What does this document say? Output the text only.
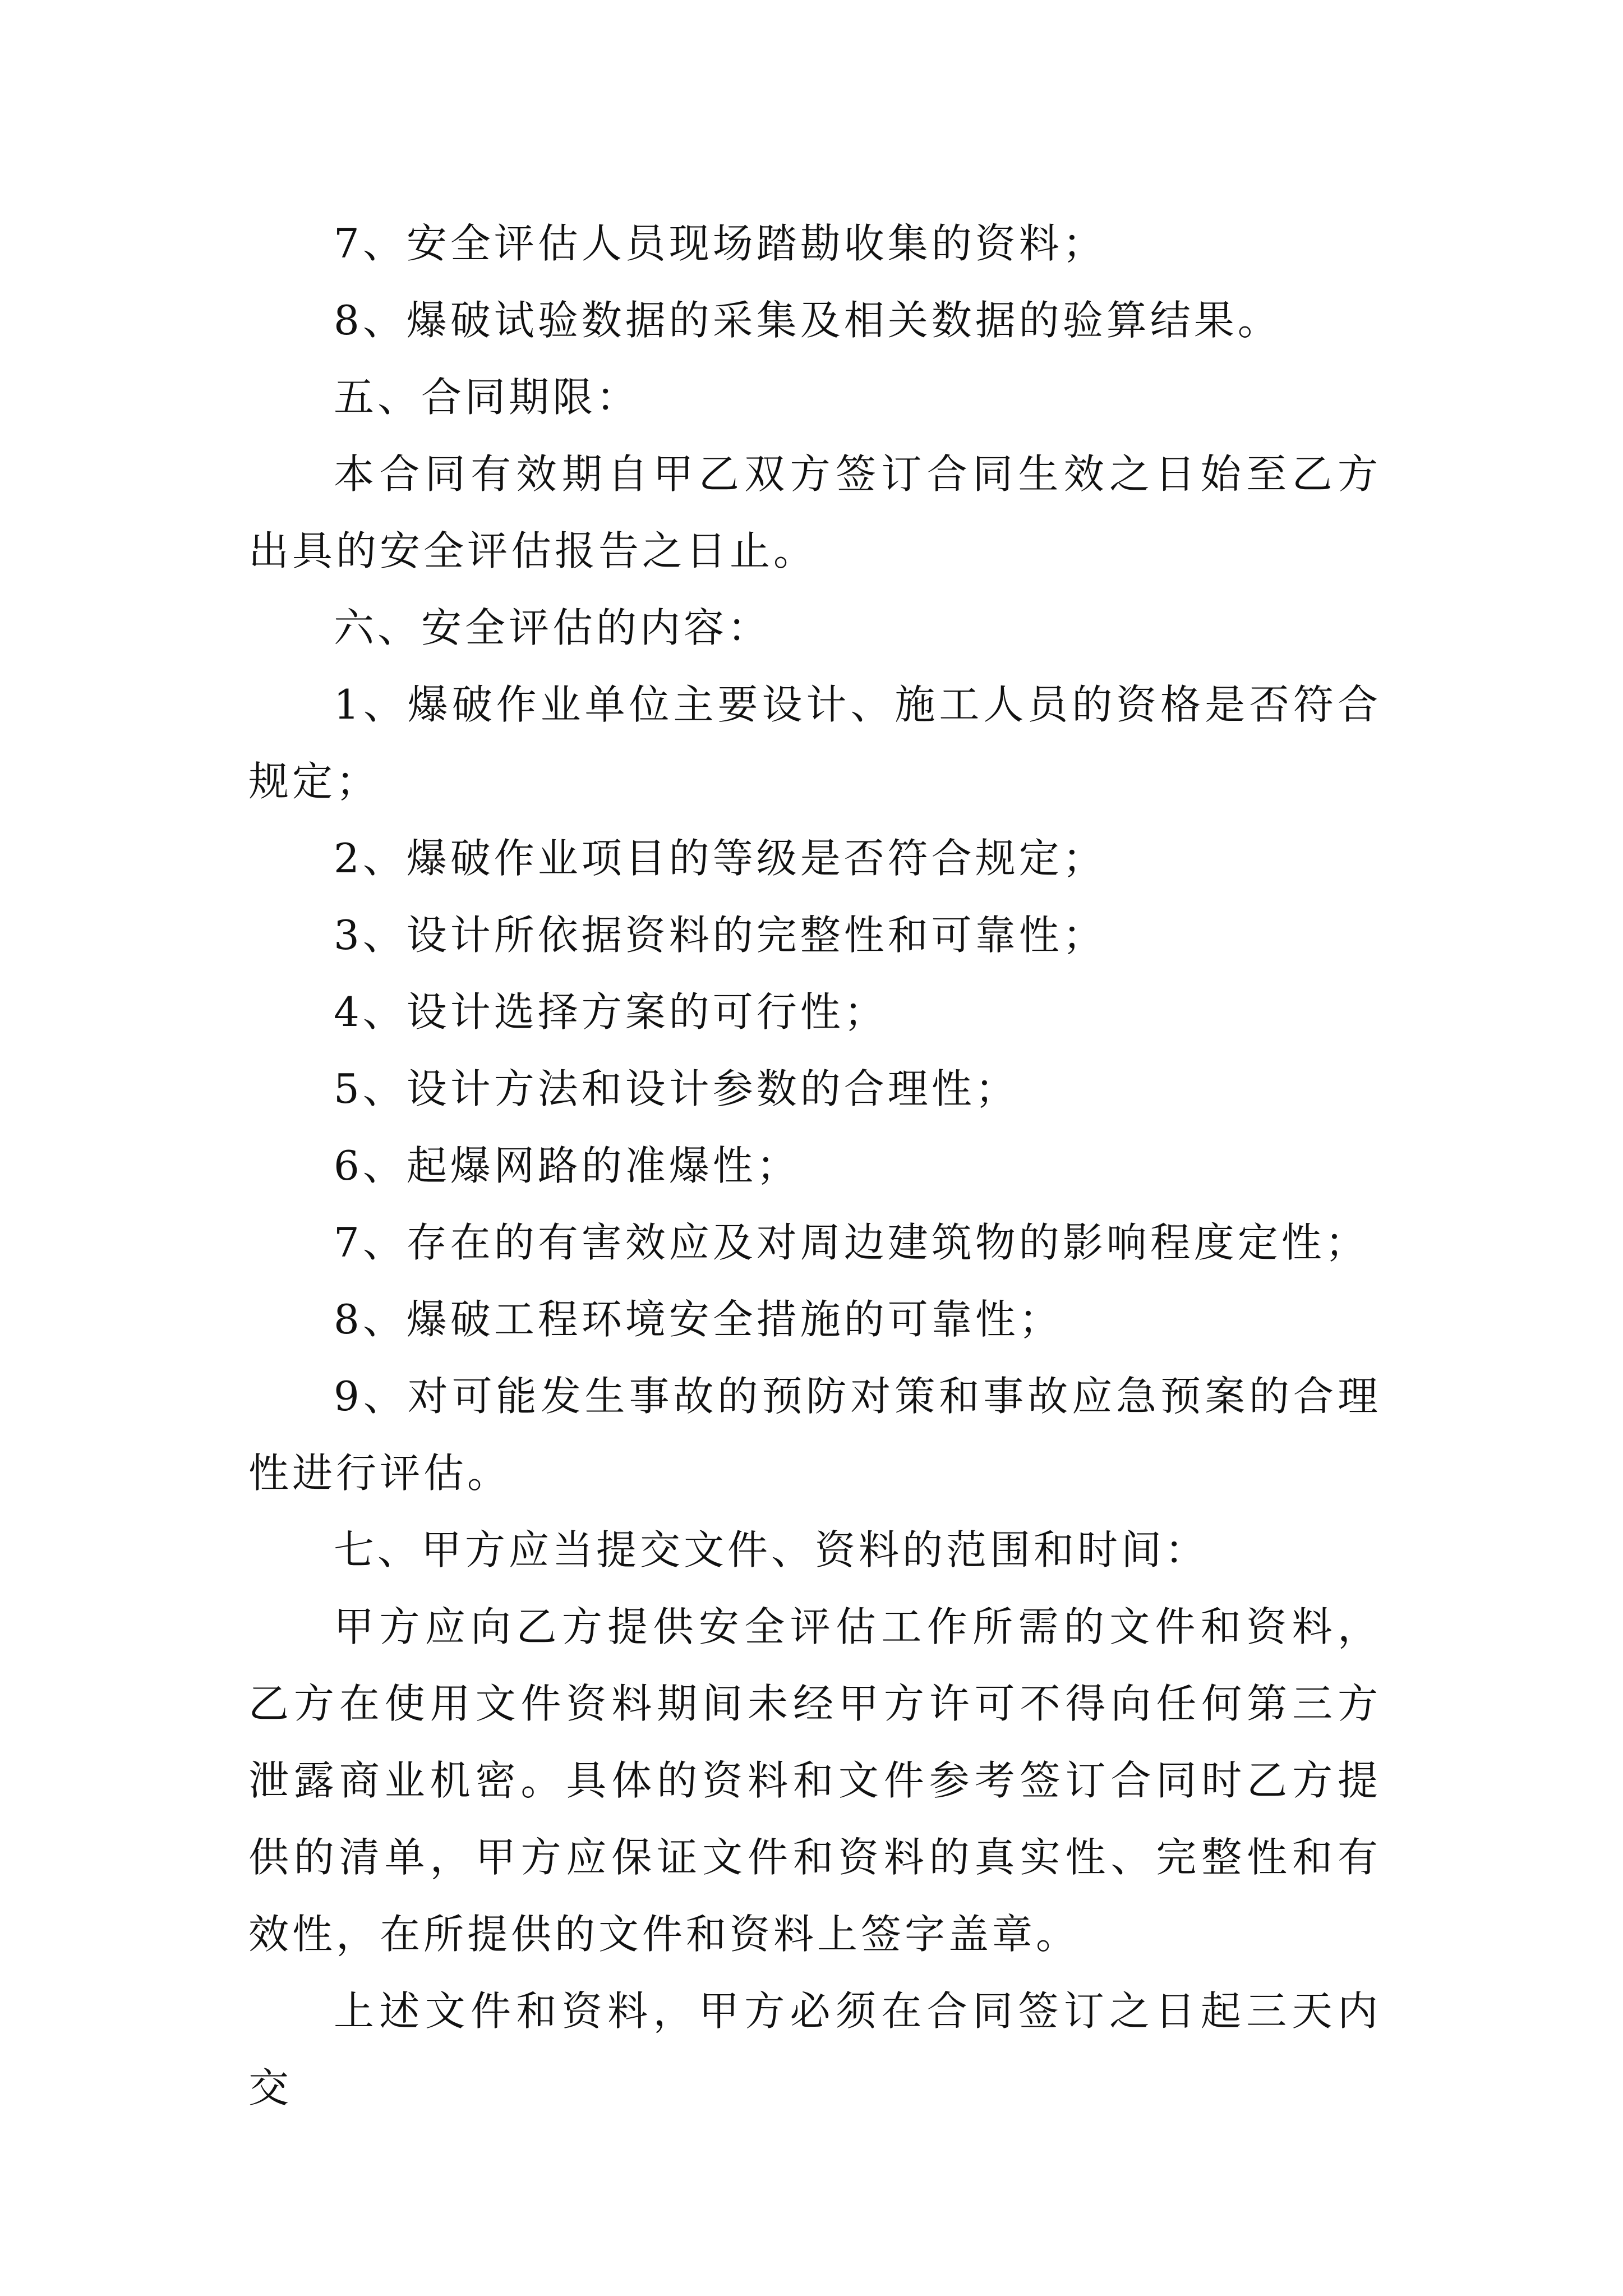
7、安全评估人员现场踏勘收集的资料；

8、爆破试验数据的采集及相关数据的验算结果。

五、合同期限：

本合同有效期自甲乙双方签订合同生效之日始至乙方出具的安全评估报告之日止。

六、安全评估的内容：

1、爆破作业单位主要设计、施工人员的资格是否符合规定；

2、爆破作业项目的等级是否符合规定；

3、设计所依据资料的完整性和可靠性；

4、设计选择方案的可行性；

5、设计方法和设计参数的合理性；

6、起爆网路的准爆性；

7、存在的有害效应及对周边建筑物的影响程度定性；

8、爆破工程环境安全措施的可靠性；

9、对可能发生事故的预防对策和事故应急预案的合理性进行评估。

七、甲方应当提交文件、资料的范围和时间：

甲方应向乙方提供安全评估工作所需的文件和资料，乙方在使用文件资料期间未经甲方许可不得向任何第三方泄露商业机密。具体的资料和文件参考签订合同时乙方提供的清单，甲方应保证文件和资料的真实性、完整性和有效性，在所提供的文件和资料上签字盖章。

上述文件和资料，甲方必须在合同签订之日起三天内交
